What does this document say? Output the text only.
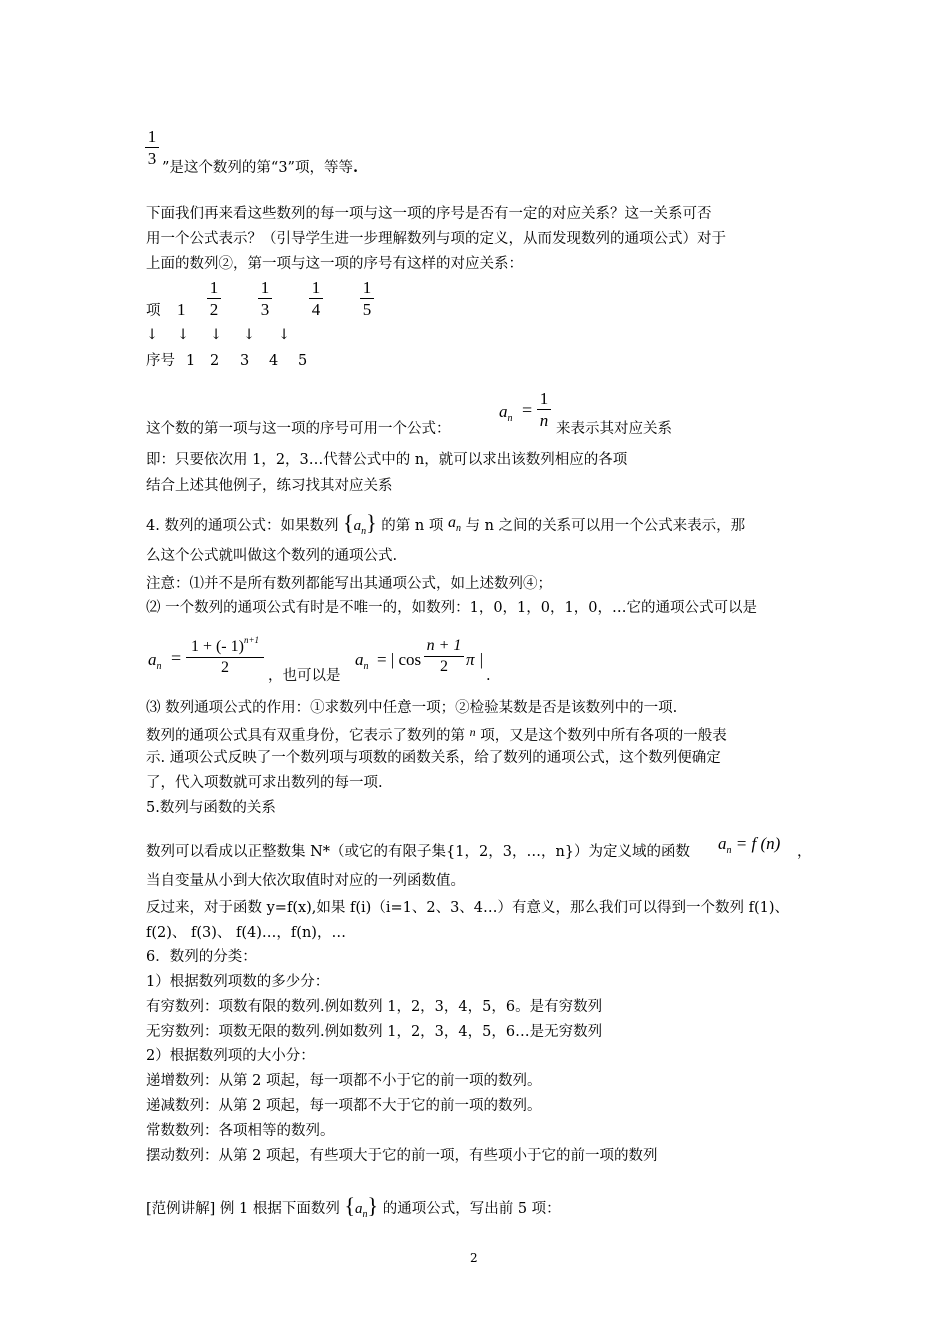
1
3 ”是这个数列的第“3”项，等等.
下面我们再来看这些数列的每一项与这一项的序号是否有一定的对应关系？这一关系可否
用一个公式表示？（引导学生进一步理解数列与项的定义，从而发现数列的通项公式）对于
上面的数列②，第一项与这一项的序号有这样的对应关系：
项 1
1
2
1
3
1
4
1
5
↓ ↓ ↓ ↓ ↓
序号 1 2 3 4 5
这个数的第一项与这一项的序号可用一个公式：
$a_n$ =
1
n 来表示其对应关系
即：只要依次用 1，2，3…代替公式中的 n，就可以求出该数列相应的各项
结合上述其他例子，练习找其对应关系
4. 数列的通项公式：如果数列 $\{a_n\}$ 的第 n 项 $a_n$ 与 n 之间的关系可以用一个公式来表示，那
么这个公式就叫做这个数列的通项公式.
注意：⑴并不是所有数列都能写出其通项公式，如上述数列④；
⑵ 一个数列的通项公式有时是不唯一的，如数列：1，0，1，0，1，0，…它的通项公式可以是
$a_n$ =
1 + (- 1)$^{n+1}$
2	，也可以是
$a_n$ = | cos
n + 1
2	π |
.
⑶ 数列通项公式的作用：①求数列中任意一项；②检验某数是否是该数列中的一项.
数列的通项公式具有双重身份，它表示了数列的第 $^n$ 项，又是这个数列中所有各项的一般表
示. 通项公式反映了一个数列项与项数的函数关系，给了数列的通项公式，这个数列便确定
了，代入项数就可求出数列的每一项.
5.数列与函数的关系
数列可以看成以正整数集 N*（或它的有限子集{1，2，3，…，n}）为定义域的函数 $a_n = f$ (n) ，
当自变量从小到大依次取值时对应的一列函数值。
反过来，对于函数 y=f(x),如果 f(i)（i=1、2、3、4…）有意义，那么我们可以得到一个数列 f(1)、
f(2)、 f(3)、 f(4)…，f(n)，…
6．数列的分类：
1）根据数列项数的多少分：
有穷数列：项数有限的数列.例如数列 1，2，3，4，5，6。是有穷数列
无穷数列：项数无限的数列.例如数列 1，2，3，4，5，6…是无穷数列
2）根据数列项的大小分：
递增数列：从第 2 项起，每一项都不小于它的前一项的数列。
递减数列：从第 2 项起，每一项都不大于它的前一项的数列。
常数数列：各项相等的数列。
摆动数列：从第 2 项起，有些项大于它的前一项，有些项小于它的前一项的数列
[范例讲解] 例 1 根据下面数列 $\{a_n\}$ 的通项公式，写出前 5 项：
2
